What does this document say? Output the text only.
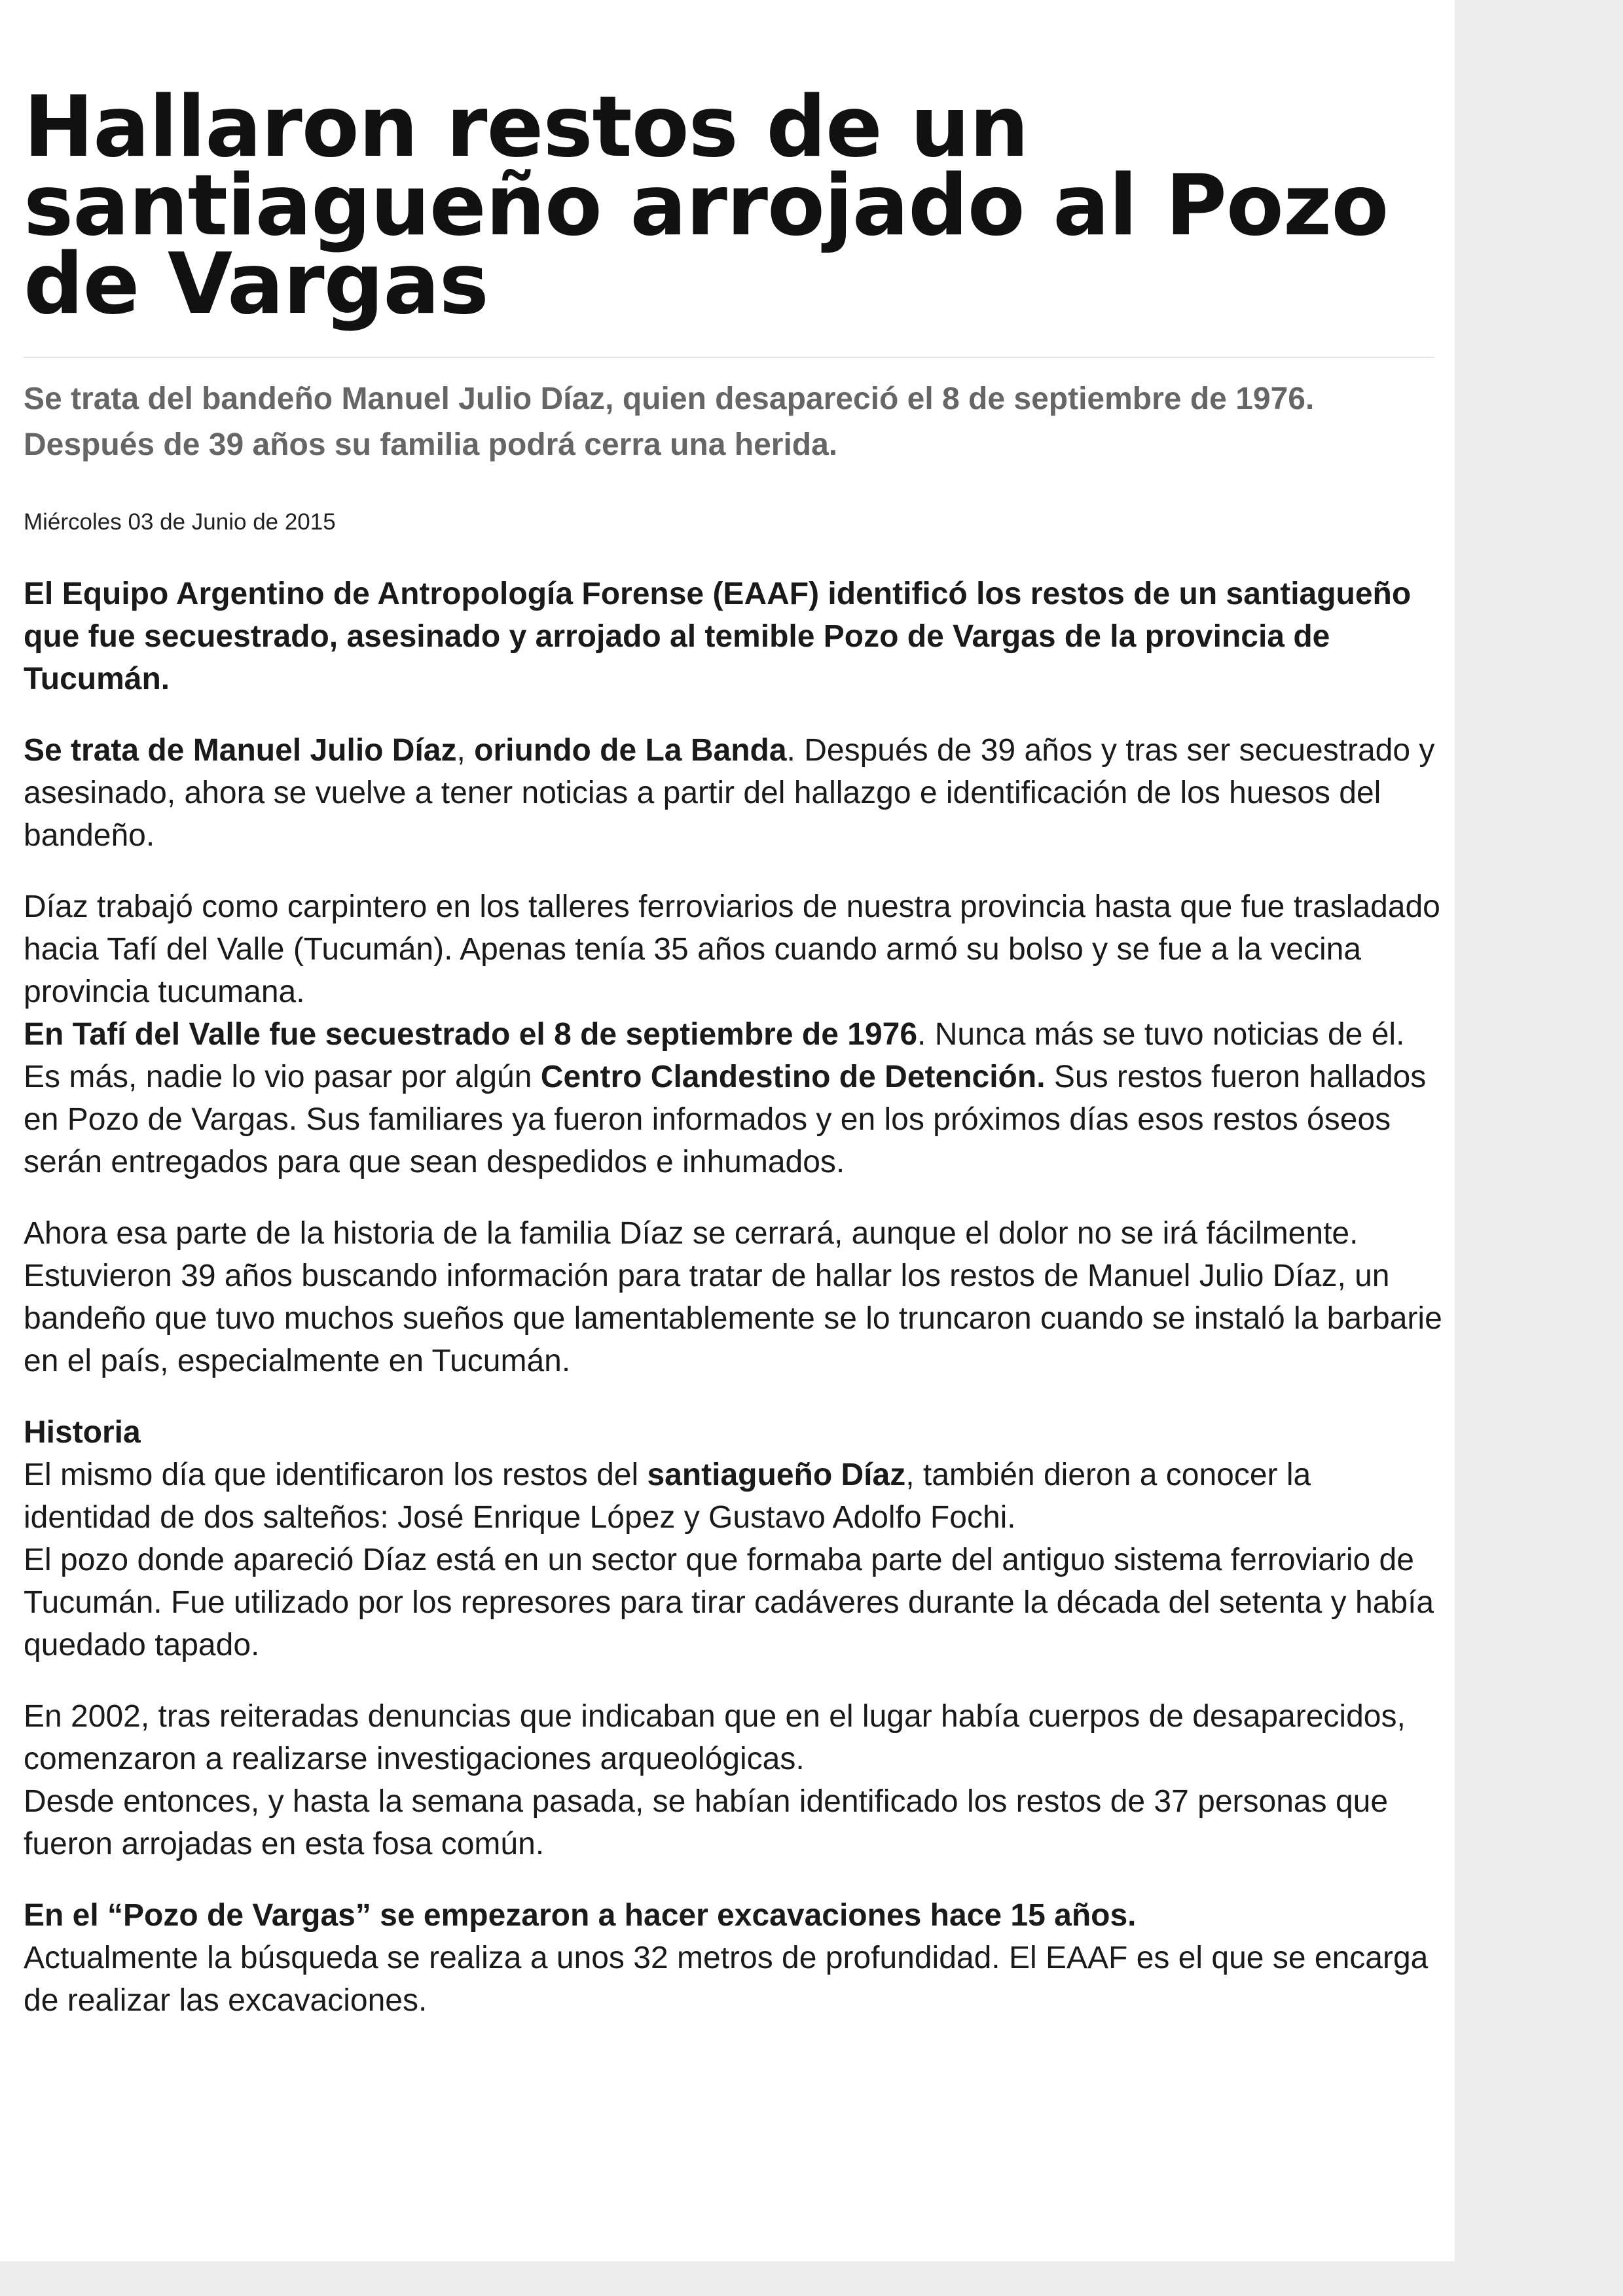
Hallaron restos de un santiagueño arrojado al Pozo de Vargas
Se trata del bandeño Manuel Julio Díaz, quien desapareció el 8 de septiembre de 1976. Después de 39 años su familia podrá cerra una herida.
Miércoles 03 de Junio de 2015

El Equipo Argentino de Antropología Forense (EAAF) identificó los restos de un santiagueño que fue secuestrado, asesinado y arrojado al temible Pozo de Vargas de la provincia de Tucumán.

Se trata de Manuel Julio Díaz, oriundo de La Banda. Después de 39 años y tras ser secuestrado y asesinado, ahora se vuelve a tener noticias a partir del hallazgo e identificación de los huesos del bandeño.

Díaz trabajó como carpintero en los talleres ferroviarios de nuestra provincia hasta que fue trasladado hacia Tafí del Valle (Tucumán). Apenas tenía 35 años cuando armó su bolso y se fue a la vecina provincia tucumana.

En Tafí del Valle fue secuestrado el 8 de septiembre de 1976. Nunca más se tuvo noticias de él. Es más, nadie lo vio pasar por algún Centro Clandestino de Detención. Sus restos fueron hallados en Pozo de Vargas. Sus familiares ya fueron informados y en los próximos días esos restos óseos serán entregados para que sean despedidos e inhumados.

Ahora esa parte de la historia de la familia Díaz se cerrará, aunque el dolor no se irá fácilmente. Estuvieron 39 años buscando información para tratar de hallar los restos de Manuel Julio Díaz, un bandeño que tuvo muchos sueños que lamentablemente se lo truncaron cuando se instaló la barbarie en el país, especialmente en Tucumán.

Historia
El mismo día que identificaron los restos del santiagueño Díaz, también dieron a conocer la identidad de dos salteños: José Enrique López y Gustavo Adolfo Fochi.

El pozo donde apareció Díaz está en un sector que formaba parte del antiguo sistema ferroviario de Tucumán. Fue utilizado por los represores para tirar cadáveres durante la década del setenta y había quedado tapado.

En 2002, tras reiteradas denuncias que indicaban que en el lugar había cuerpos de desaparecidos, comenzaron a realizarse investigaciones arqueológicas.

Desde entonces, y hasta la semana pasada, se habían identificado los restos de 37 personas que fueron arrojadas en esta fosa común.

En el “Pozo de Vargas” se empezaron a hacer excavaciones hace 15 años.

Actualmente la búsqueda se realiza a unos 32 metros de profundidad. El EAAF es el que se encarga de realizar las excavaciones.
